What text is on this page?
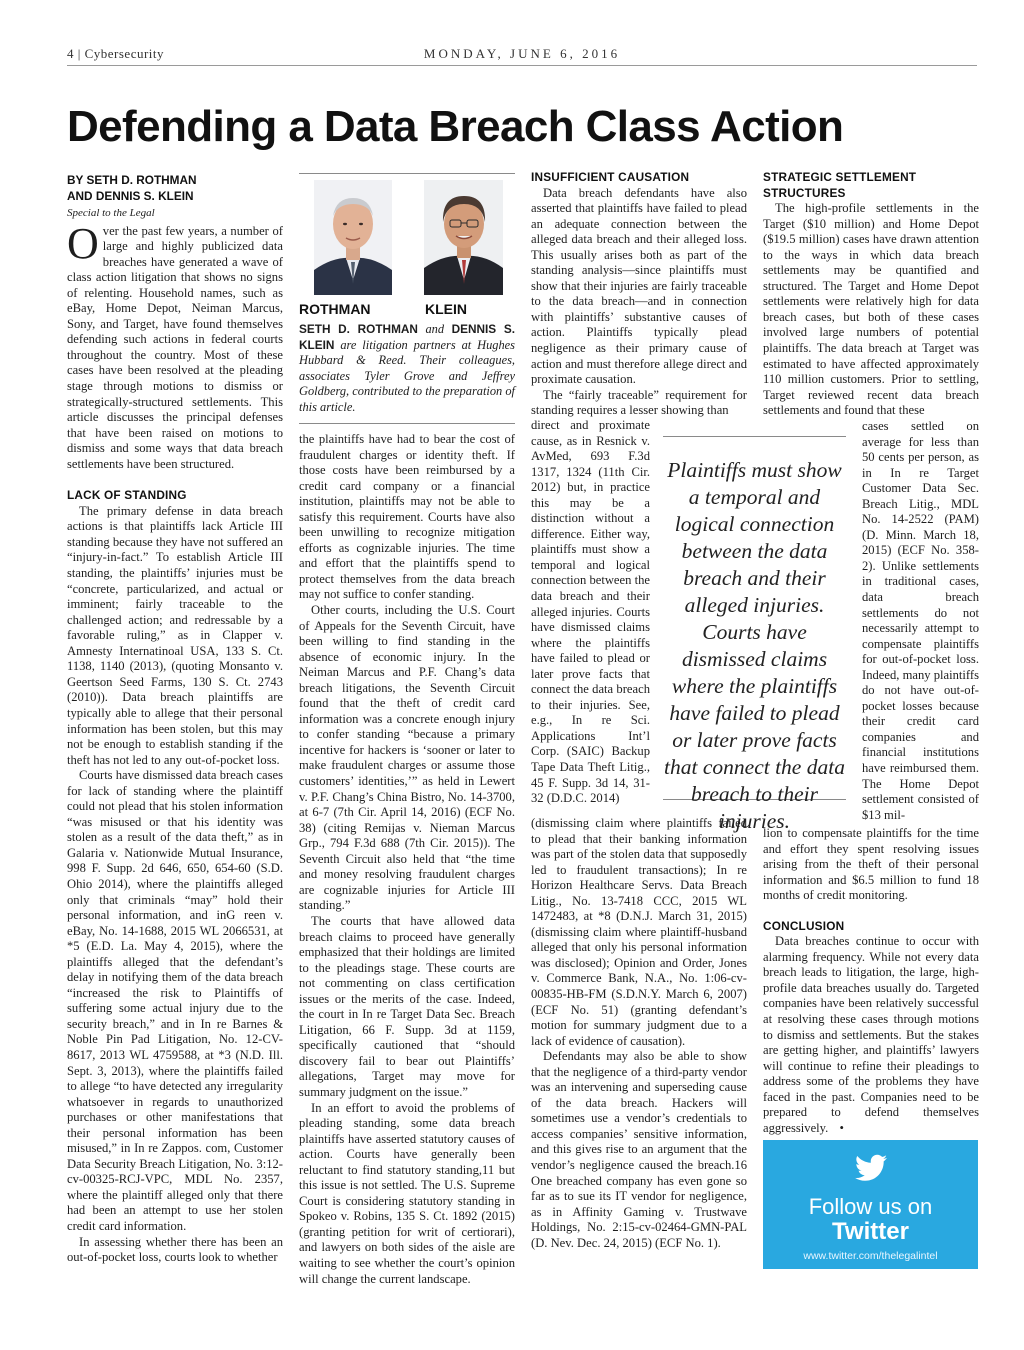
4 | Cybersecurity	MONDAY, JUNE 6, 2016
Defending a Data Breach Class Action
BY SETH D. ROTHMAN
AND DENNIS S. KLEIN
Special to the Legal

Over the past few years, a number of large and highly publicized data breaches have generated a wave of class action litigation that shows no signs of relenting. Household names, such as eBay, Home Depot, Neiman Marcus, Sony, and Target, have found themselves defending such actions in federal courts throughout the country. Most of these cases have been resolved at the pleading stage through motions to dismiss or strategically-structured settlements. This article discusses the principal defenses that have been raised on motions to dismiss and some ways that data breach settlements have been structured.

LACK OF STANDING

The primary defense in data breach actions is that plaintiffs lack Article III standing because they have not suffered an “injury-in-fact.” To establish Article III standing, the plaintiffs’ injuries must be “concrete, particularized, and actual or imminent; fairly traceable to the challenged action; and redressable by a favorable ruling,” as in Clapper v. Amnesty Internatinoal USA, 133 S. Ct. 1138, 1140 (2013), (quoting Monsanto v. Geertson Seed Farms, 130 S. Ct. 2743 (2010)). Data breach plaintiffs are typically able to allege that their personal information has been stolen, but this may not be enough to establish standing if the theft has not led to any out-of-pocket loss.

Courts have dismissed data breach cases for lack of standing where the plaintiff could not plead that his stolen information “was misused or that his identity was stolen as a result of the data theft,” as in Galaria v. Nationwide Mutual Insurance, 998 F. Supp. 2d 646, 650, 654-60 (S.D. Ohio 2014), where the plaintiffs alleged only that criminals “may” hold their personal information, and inG reen v. eBay, No. 14-1688, 2015 WL 2066531, at *5 (E.D. La. May 4, 2015), where the plaintiffs alleged that the defendant’s delay in notifying them of the data breach “increased the risk to Plaintiffs of suffering some actual injury due to the security breach,” and in In re Barnes & Noble Pin Pad Litigation, No. 12-CV-8617, 2013 WL 4759588, at *3 (N.D. Ill. Sept. 3, 2013), where the plaintiffs failed to allege “to have detected any irregularity whatsoever in regards to unauthorized purchases or other manifestations that their personal information has been misused,” in In re Zappos. com, Customer Data Security Breach Litigation, No. 3:12-cv-00325-RCJ-VPC, MDL No. 2357, where the plaintiff alleged only that there had been an attempt to use her stolen credit card information.

In assessing whether there has been an out-of-pocket loss, courts look to whether

ROTHMAN	KLEIN
SETH D. ROTHMAN and DENNIS S. KLEIN are litigation partners at Hughes Hubbard & Reed. Their colleagues, associates Tyler Grove and Jeffrey Goldberg, contributed to the preparation of this article.

the plaintiffs have had to bear the cost of fraudulent charges or identity theft. If those costs have been reimbursed by a credit card company or a financial institution, plaintiffs may not be able to satisfy this requirement. Courts have also been unwilling to recognize mitigation efforts as cognizable injuries. The time and effort that the plaintiffs spend to protect themselves from the data breach may not suffice to confer standing.

Other courts, including the U.S. Court of Appeals for the Seventh Circuit, have been willing to find standing in the absence of economic injury. In the Neiman Marcus and P.F. Chang’s data breach litigations, the Seventh Circuit found that the theft of credit card information was a concrete enough injury to confer standing “because a primary incentive for hackers is ‘sooner or later to make fraudulent charges or assume those customers’ identities,’” as held in Lewert v. P.F. Chang’s China Bistro, No. 14-3700, at 6-7 (7th Cir. April 14, 2016) (ECF No. 38) (citing Remijas v. Nieman Marcus Grp., 794 F.3d 688 (7th Cir. 2015)). The Seventh Circuit also held that “the time and money resolving fraudulent charges are cognizable injuries for Article III standing.”

The courts that have allowed data breach claims to proceed have generally emphasized that their holdings are limited to the pleadings stage. These courts are not commenting on class certification issues or the merits of the case. Indeed, the court in In re Target Data Sec. Breach Litigation, 66 F. Supp. 3d at 1159, specifically cautioned that “should discovery fail to bear out Plaintiffs’ allegations, Target may move for summary judgment on the issue.”

In an effort to avoid the problems of pleading standing, some data breach plaintiffs have asserted statutory causes of action. Courts have generally been reluctant to find statutory standing,11 but this issue is not settled. The U.S. Supreme Court is considering statutory standing in Spokeo v. Robins, 135 S. Ct. 1892 (2015) (granting petition for writ of certiorari), and lawyers on both sides of the aisle are waiting to see whether the court’s opinion will change the current landscape.

INSUFFICIENT CAUSATION

Data breach defendants have also asserted that plaintiffs have failed to plead an adequate connection between the alleged data breach and their alleged loss. This usually arises both as part of the standing analysis—since plaintiffs must show that their injuries are fairly traceable to the data breach—and in connection with plaintiffs’ substantive causes of action. Plaintiffs typically plead negligence as their primary cause of action and must therefore allege direct and proximate causation.

The “fairly traceable” requirement for standing requires a lesser showing than

direct and proximate cause, as in Resnick v. AvMed, 693 F.3d 1317, 1324 (11th Cir. 2012) but, in practice this may be a distinction without a difference. Either way, plaintiffs must show a temporal and logical connection between the data breach and their alleged injuries. Courts have dismissed claims where the plaintiffs have failed to plead or later prove facts that connect the data breach to their injuries. See, e.g., In re Sci. Applications Int’l Corp. (SAIC) Backup Tape Data Theft Litig., 45 F. Supp. 3d 14, 31-32 (D.D.C. 2014)

(dismissing claim where plaintiffs failed to plead that their banking information was part of the stolen data that supposedly led to fraudulent transactions); In re Horizon Healthcare Servs. Data Breach Litig., No. 13-7418 CCC, 2015 WL 1472483, at *8 (D.N.J. March 31, 2015) (dismissing claim where plaintiff-husband alleged that only his personal information was disclosed); Opinion and Order, Jones v. Commerce Bank, N.A., No. 1:06-cv-00835-HB-FM (S.D.N.Y. March 6, 2007) (ECF No. 51) (granting defendant’s motion for summary judgment due to a lack of evidence of causation).

Defendants may also be able to show that the negligence of a third-party vendor was an intervening and superseding cause of the data breach. Hackers will sometimes use a vendor’s credentials to access companies’ sensitive information, and this gives rise to an argument that the vendor’s negligence caused the breach.16 One breached company has even gone so far as to sue its IT vendor for negligence, as in Affinity Gaming v. Trustwave Holdings, No. 2:15-cv-02464-GMN-PAL (D. Nev. Dec. 24, 2015) (ECF No. 1).

Plaintiffs must show a temporal and logical connection between the data breach and their alleged injuries. Courts have dismissed claims where the plaintiffs have failed to plead or later prove facts that connect the data breach to their injuries.
STRATEGIC SETTLEMENT
STRUCTURES

The high-profile settlements in the Target ($10 million) and Home Depot ($19.5 million) cases have drawn attention to the ways in which data breach settlements may be quantified and structured. The Target and Home Depot settlements were relatively high for data breach cases, but both of these cases involved large numbers of potential plaintiffs. The data breach at Target was estimated to have affected approximately 110 million customers. Prior to settling, Target reviewed recent data breach settlements and found that these

cases settled on average for less than 50 cents per person, as in In re Target Customer Data Sec. Breach Litig., MDL No. 14-2522 (PAM) (D. Minn. March 18, 2015) (ECF No. 358-2). Unlike settlements in traditional cases, data breach settlements do not necessarily attempt to compensate plaintiffs for out-of-pocket loss. Indeed, many plaintiffs do not have out-of-pocket losses because their credit card companies and financial institutions have reimbursed them. The Home Depot settlement consisted of $13 mil-

lion to compensate plaintiffs for the time and effort they spent resolving issues arising from the theft of their personal information and $6.5 million to fund 18 months of credit monitoring.

CONCLUSION

Data breaches continue to occur with alarming frequency. While not every data breach leads to litigation, the large, high-profile data breaches usually do. Targeted companies have been relatively successful at resolving these cases through motions to dismiss and settlements. But the stakes are getting higher, and plaintiffs’ lawyers will continue to refine their pleadings to address some of the problems they have faced in the past. Companies need to be prepared to defend themselves aggressively. •

Follow us on
Twitter
www.twitter.com/thelegalintel
